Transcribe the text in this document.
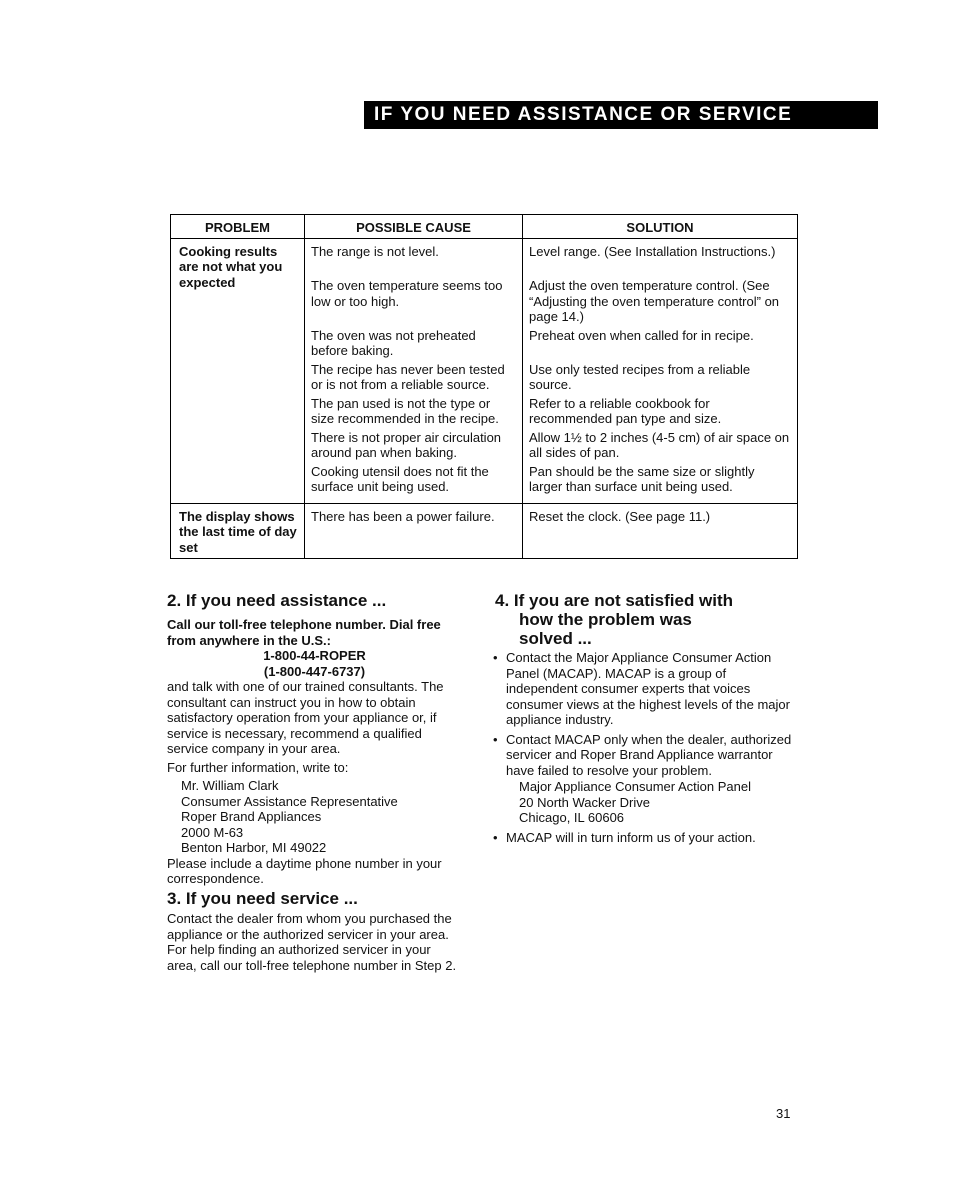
IF YOU NEED ASSISTANCE OR SERVICE
PROBLEM	POSSIBLE CAUSE	SOLUTION

Cooking results are not what you expected	The range is not level.	Level range. (See Installation Instructions.)

	The oven temperature seems too low or too high.	Adjust the oven temperature control. (See “Adjusting the oven temperature control” on page 14.)

	The oven was not preheated before baking.	Preheat oven when called for in recipe.

	The recipe has never been tested or is not from a reliable source.	Use only tested recipes from a reliable source.

	The pan used is not the type or size recommended in the recipe.	Refer to a reliable cookbook for recommended pan type and size.

	There is not proper air circulation around pan when baking.	Allow 1½ to 2 inches (4-5 cm) of air space on all sides of pan.

	Cooking utensil does not fit the surface unit being used.	Pan should be the same size or slightly larger than surface unit being used.

The display shows the last time of day set	There has been a power failure.	Reset the clock. (See page 11.)
2. If you need assistance ...
Call our toll-free telephone number. Dial free from anywhere in the U.S.:
1-800-44-ROPER
(1-800-447-6737)
and talk with one of our trained consultants. The consultant can instruct you in how to obtain satisfactory operation from your appliance or, if service is necessary, recommend a qualified service company in your area.
For further information, write to:
Mr. William Clark
Consumer Assistance Representative
Roper Brand Appliances
2000 M-63
Benton Harbor, MI 49022
Please include a daytime phone number in your correspondence.
3. If you need service ...
Contact the dealer from whom you purchased the appliance or the authorized servicer in your area. For help finding an authorized servicer in your area, call our toll-free telephone number in Step 2.
4. If you are not satisfied with
how the problem was
solved ...
• Contact the Major Appliance Consumer Action Panel (MACAP). MACAP is a group of independent consumer experts that voices consumer views at the highest levels of the major appliance industry.
• Contact MACAP only when the dealer, authorized servicer and Roper Brand Appliance warrantor have failed to resolve your problem.
Major Appliance Consumer Action Panel
20 North Wacker Drive
Chicago, IL 60606
• MACAP will in turn inform us of your action.
31
